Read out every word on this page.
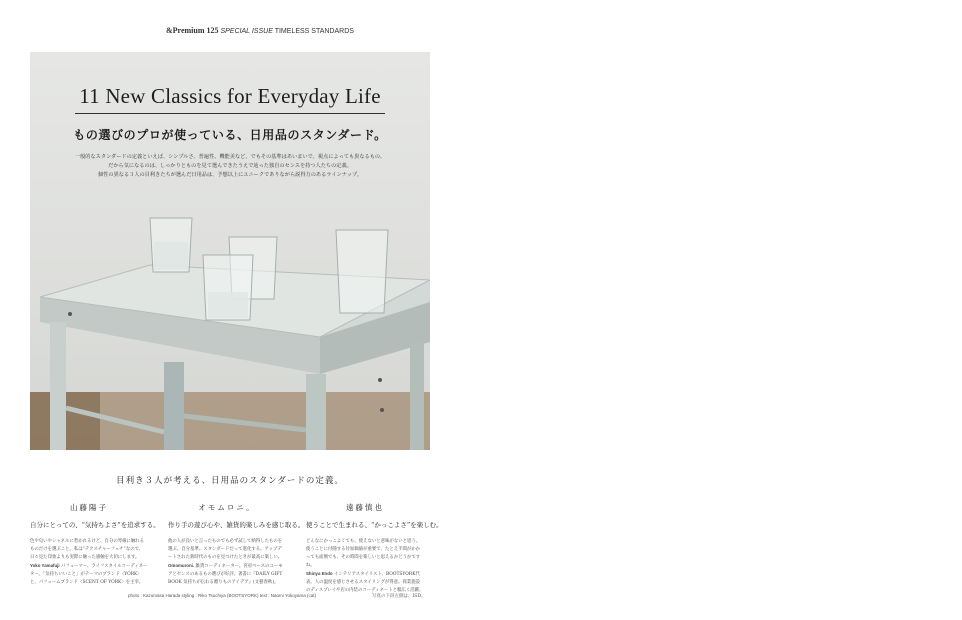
&Premium 125 SPECIAL ISSUE TIMELESS STANDARDS
11 New Classics for Everyday Life
もの選びのプロが使っている、日用品のスタンダード。
一般的なスタンダードの定義といえば、シンプルさ、普遍性、機能美など。でもその基準はあいまいで、視点によっても異なるもの。
だから気になるのは、しっかりとものを見て選んできたうえで辿った独自のセンスを持つ人たちの定義。
個性の異なる３人の目利きたちが選んだ日用品は、予想以上にユニークでありながら説得力のあるラインナップ。
目利き３人が考える、日用品のスタンダードの定義。
山藤陽子
自分にとっての、“気持ちよさ”を追求する。
色や匂いやシャネルに惹かれるけど、自分の琴線に触れるものだけを選ぶこと。私は“テクスチャーフェチ”なので、日々見た印象よりも実際に触った感触を大切にします。
Yoko Yamafuji パフューマー、ライフスタイルコーディネーター。「気持ちいいこと」がテーマのブランド〈YORK〉と、パフュームブランド〈SCENT OF YORK〉を主宰。
オモムロニ。
作り手の遊び心や、雑貨的楽しみを感じ取る。
他の人が良いと言ったものでも必ず試して納得したものを選ぶ。自分基準。スタンダードだって進化する。アップデートされた新時代のものを見つけたときが最高に楽しい。
Omomuroni. 雑貨コーディネーター。宮府ベースのユーモアとセンスのあるもの選びが好評。著書に『DAILY GIFT BOOK 気持ちが伝わる贈りものアイデア』(文藝春秋)。
遠藤慎也
使うことで生まれる、“かっこよさ”を楽しむ。
どんなにかっこよくても、使えないと意味がないと思う。使うことに付随する付加価値が重要で、たとえ手間がかかっても面倒でも、その時間を楽しいと思えるかどうかですね。
Shinya Endo インテリアスタイリスト。BOOTSYORK代表。人の温度を感じさせるスタイリングが得意。商業施設のディスプレイや店の内装のコーディネートと幅広く活躍。
photo : Kazumasa Harada styling : Riko Tsuchiya (BOOTSYORK) text : Naomi Yokoyama (cat)	写真の下段左側は、ISD。
